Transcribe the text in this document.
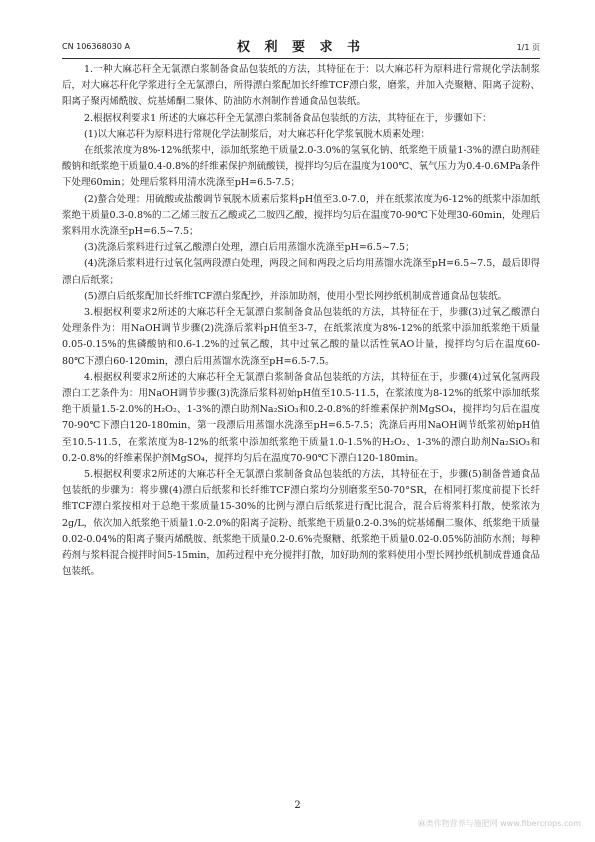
CN 106368030 A	权 利 要 求 书	1/1 页

1.一种大麻芯秆全无氯漂白浆制备食品包装纸的方法，其特征在于：以大麻芯秆为原料进行常规化学法制浆后，对大麻芯秆化学浆进行全无氯漂白，所得漂白浆配加长纤维TCF漂白浆，磨浆，并加入壳聚糖、阳离子淀粉、阳离子聚丙烯酰胺、烷基烯酮二聚体、防油防水剂制作普通食品包装纸。

2.根据权利要求1 所述的大麻芯秆全无氯漂白浆制备食品包装纸的方法，其特征在于，步骤如下：

(1)以大麻芯秆为原料进行常规化学法制浆后，对大麻芯秆化学浆氧脱木质素处理：

在纸浆浓度为8%-12%纸浆中，添加纸浆绝干质量2.0-3.0%的氢氧化钠、纸浆绝干质量1-3%的漂白助剂硅酸钠和纸浆绝干质量0.4-0.8%的纤维素保护剂硫酸镁，搅拌均匀后在温度为100℃、氧气压力为0.4-0.6MPa条件下处理60min；处理后浆料用清水洗涤至pH=6.5-7.5；

(2)螯合处理：用硫酸或盐酸调节氧脱木质素后浆料pH值至3.0-7.0，并在纸浆浓度为6-12%的纸浆中添加纸浆绝干质量0.3-0.8%的二乙烯三胺五乙酸或乙二胺四乙酸，搅拌均匀后在温度70-90℃下处理30-60min，处理后浆料用水洗涤至pH=6.5~7.5；

(3)洗涤后浆料进行过氧乙酸漂白处理，漂白后用蒸馏水洗涤至pH=6.5~7.5；

(4)洗涤后浆料进行过氧化氢两段漂白处理，两段之间和两段之后均用蒸馏水洗涤至pH=6.5~7.5，最后即得漂白后纸浆；

(5)漂白后纸浆配加长纤维TCF漂白浆配抄，并添加助剂，使用小型长网抄纸机制成普通食品包装纸。

3.根据权利要求2所述的大麻芯秆全无氯漂白浆制备食品包装纸的方法，其特征在于，步骤(3)过氧乙酸漂白处理条件为：用NaOH调节步骤(2)洗涤后浆料pH值至3-7，在纸浆浓度为8%-12%的纸浆中添加纸浆绝干质量0.05-0.15%的焦磷酸钠和0.6-1.2%的过氧乙酸，其中过氧乙酸的量以活性氧AO计量，搅拌均匀后在温度60-80℃下漂白60-120min，漂白后用蒸馏水洗涤至pH=6.5-7.5。

4.根据权利要求2所述的大麻芯秆全无氯漂白浆制备食品包装纸的方法，其特征在于，步骤(4)过氧化氢两段漂白工艺条件为：用NaOH调节步骤(3)洗涤后浆料初始pH值至10.5-11.5，在浆浓度为8-12%的纸浆中添加纸浆绝干质量1.5-2.0%的H₂O₂、1-3%的漂白助剂Na₂SiO₃和0.2-0.8%的纤维素保护剂MgSO₄，搅拌均匀后在温度70-90℃下漂白120-180min，第一段漂后用蒸馏水洗涤至pH=6.5-7.5；洗涤后再用NaOH调节纸浆初始pH值至10.5-11.5，在浆浓度为8-12%的纸浆中添加纸浆绝干质量1.0-1.5%的H₂O₂、1-3%的漂白助剂Na₂SiO₃和0.2-0.8%的纤维素保护剂MgSO₄，搅拌均匀后在温度70-90℃下漂白120-180min。

5.根据权利要求2所述的大麻芯秆全无氯漂白浆制备食品包装纸的方法，其特征在于，步骤(5)制备普通食品包装纸的步骤为：将步骤(4)漂白后纸浆和长纤维TCF漂白浆均分别磨浆至50-70°SR，在相同打浆度前提下长纤维TCF漂白浆按相对于总绝干浆质量15-30%的比例与漂白后纸浆进行配比混合，混合后将浆料打散，使浆浓为2g/L，依次加入纸浆绝干质量1.0-2.0%的阳离子淀粉、纸浆绝干质量0.2-0.3%的烷基烯酮二聚体、纸浆绝干质量0.02-0.04%的阳离子聚丙烯酰胺、纸浆绝干质量0.2-0.6%壳聚糖、纸浆绝干质量0.02-0.05%防油防水剂；每种药剂与浆料混合搅拌时间5-15min，加药过程中充分搅拌打散，加好助剂的浆料使用小型长网抄纸机制成普通食品包装纸。

2
麻类作物营养与施肥网 www.fibercrops.com
